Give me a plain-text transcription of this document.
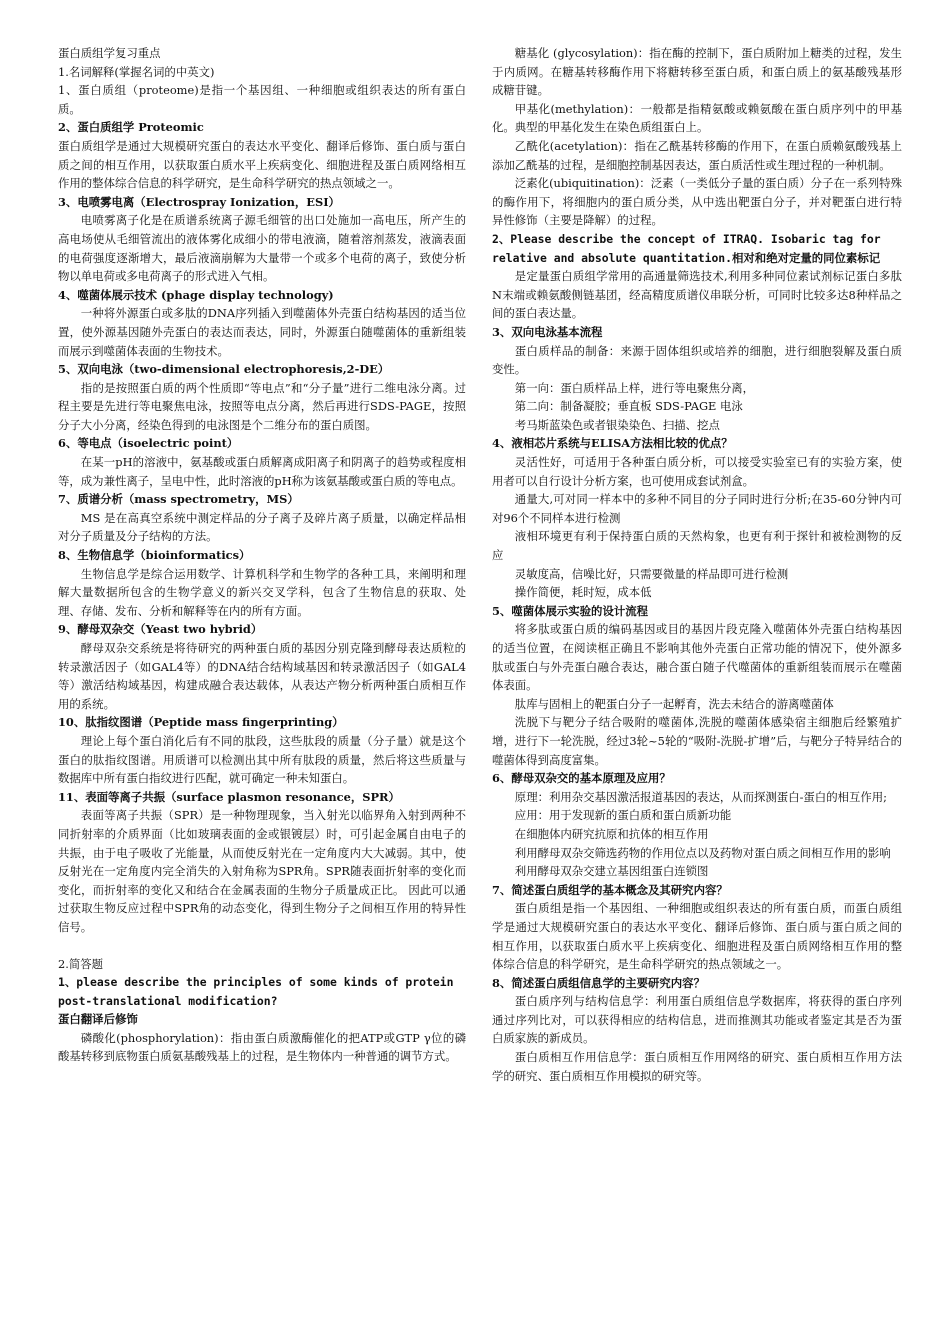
蛋白质组学复习重点

1.名词解释(掌握名词的中英文)

1、蛋白质组（proteome)是指一个基因组、一种细胞或组织表达的所有蛋白质。

2、蛋白质组学 Proteomic

蛋白质组学是通过大规模研究蛋白的表达水平变化、翻译后修饰、蛋白质与蛋白质之间的相互作用，以获取蛋白质水平上疾病变化、细胞进程及蛋白质网络相互作用的整体综合信息的科学研究，是生命科学研究的热点领域之一。

3、电喷雾电离（Electrospray Ionization，ESI）

电喷雾离子化是在质谱系统离子源毛细管的出口处施加一高电压，所产生的高电场使从毛细管流出的液体雾化成细小的带电液滴，随着溶剂蒸发，液滴表面的电荷强度逐渐增大，最后液滴崩解为大量带一个或多个电荷的离子，致使分析物以单电荷或多电荷离子的形式进入气相。

4、噬菌体展示技术 (phage display technology)

一种将外源蛋白或多肽的DNA序列插入到噬菌体外壳蛋白结构基因的适当位置，使外源基因随外壳蛋白的表达而表达，同时，外源蛋白随噬菌体的重新组装而展示到噬菌体表面的生物技术。

5、双向电泳（two-dimensional electrophoresis,2-DE）

指的是按照蛋白质的两个性质即“等电点”和“分子量”进行二维电泳分离。过程主要是先进行等电聚焦电泳，按照等电点分离，然后再进行SDS-PAGE，按照分子大小分离，经染色得到的电泳图是个二维分布的蛋白质图。

6、等电点（isoelectric point）

在某一pH的溶液中，氨基酸或蛋白质解离成阳离子和阴离子的趋势或程度相等，成为兼性离子，呈电中性，此时溶液的pH称为该氨基酸或蛋白质的等电点。

7、质谱分析（mass spectrometry，MS）

MS 是在高真空系统中测定样品的分子离子及碎片离子质量，以确定样品相对分子质量及分子结构的方法。

8、生物信息学（bioinformatics）

生物信息学是综合运用数学、计算机科学和生物学的各种工具，来阐明和理解大量数据所包含的生物学意义的新兴交叉学科，包含了生物信息的获取、处理、存储、发布、分析和解释等在内的所有方面。

9、酵母双杂交（Yeast two hybrid）

酵母双杂交系统是将待研究的两种蛋白质的基因分别克隆到酵母表达质粒的转录激活因子（如GAL4等）的DNA结合结构域基因和转录激活因子（如GAL4等）激活结构域基因，构建成融合表达载体，从表达产物分析两种蛋白质相互作用的系统。

10、肽指纹图谱（Peptide mass fingerprinting）

理论上每个蛋白消化后有不同的肽段，这些肽段的质量（分子量）就是这个蛋白的肽指纹图谱。用质谱可以检测出其中所有肽段的质量，然后将这些质量与数据库中所有蛋白指纹进行匹配，就可确定一种未知蛋白。

11、表面等离子共振（surface plasmon resonance，SPR）

表面等离子共振（SPR）是一种物理现象，当入射光以临界角入射到两种不同折射率的介质界面（比如玻璃表面的金或银镀层）时，可引起金属自由电子的共振，由于电子吸收了光能量，从而使反射光在一定角度内大大减弱。其中，使反射光在一定角度内完全消失的入射角称为SPR角。SPR随表面折射率的变化而变化，而折射率的变化又和结合在金属表面的生物分子质量成正比。 因此可以通过获取生物反应过程中SPR角的动态变化，得到生物分子之间相互作用的特异性信号。

2.简答题

1、please describe the principles of some kinds of protein post-translational modification?

蛋白翻译后修饰

磷酸化(phosphorylation)：指由蛋白质激酶催化的把ATP或GTP γ位的磷酸基转移到底物蛋白质氨基酸残基上的过程，是生物体内一种普通的调节方式。

糖基化 (glycosylation)：指在酶的控制下，蛋白质附加上糖类的过程，发生于内质网。在糖基转移酶作用下将糖转移至蛋白质，和蛋白质上的氨基酸残基形成糖苷键。

甲基化(methylation)：一般都是指精氨酸或赖氨酸在蛋白质序列中的甲基化。典型的甲基化发生在染色质组蛋白上。

乙酰化(acetylation)：指在乙酰基转移酶的作用下，在蛋白质赖氨酸残基上添加乙酰基的过程，是细胞控制基因表达，蛋白质活性或生理过程的一种机制。

泛素化(ubiquitination)：泛素（一类低分子量的蛋白质）分子在一系列特殊的酶作用下，将细胞内的蛋白质分类，从中选出靶蛋白分子，并对靶蛋白进行特异性修饰（主要是降解）的过程。

2、Please describe the concept of ITRAQ. Isobaric tag for relative and absolute quantitation.相对和绝对定量的同位素标记

是定量蛋白质组学常用的高通量筛选技术,利用多种同位素试剂标记蛋白多肽N末端或赖氨酸侧链基团，经高精度质谱仪串联分析，可同时比较多达8种样品之间的蛋白表达量。

3、双向电泳基本流程

蛋白质样品的制备：来源于固体组织或培养的细胞，进行细胞裂解及蛋白质变性。

第一向：蛋白质样品上样，进行等电聚焦分离，

第二向：制备凝胶；垂直板 SDS-PAGE 电泳

考马斯蓝染色或者银染染色、扫描、挖点

4、液相芯片系统与ELISA方法相比较的优点？

灵活性好，可适用于各种蛋白质分析，可以接受实验室已有的实验方案，使用者可以自行设计分析方案，也可使用成套试剂盒。

通量大,可对同一样本中的多种不同目的分子同时进行分析;在35-60分钟内可对96个不同样本进行检测

液相环境更有利于保持蛋白质的天然构象，也更有利于探针和被检测物的反应

灵敏度高，信噪比好，只需要微量的样品即可进行检测

操作简便，耗时短，成本低

5、噬菌体展示实验的设计流程

将多肽或蛋白质的编码基因或目的基因片段克隆入噬菌体外壳蛋白结构基因的适当位置，在阅读框正确且不影响其他外壳蛋白正常功能的情况下，使外源多肽或蛋白与外壳蛋白融合表达，融合蛋白随子代噬菌体的重新组装而展示在噬菌体表面。

肽库与固相上的靶蛋白分子一起孵育，洗去未结合的游离噬菌体

洗脱下与靶分子结合吸附的噬菌体,洗脱的噬菌体感染宿主细胞后经繁殖扩增，进行下一轮洗脱，经过3轮~5轮的“吸附-洗脱-扩增”后，与靶分子特异结合的噬菌体得到高度富集。

6、酵母双杂交的基本原理及应用？

原理：利用杂交基因激活报道基因的表达，从而探测蛋白-蛋白的相互作用;

应用：用于发现新的蛋白质和蛋白质新功能

在细胞体内研究抗原和抗体的相互作用

利用酵母双杂交筛选药物的作用位点以及药物对蛋白质之间相互作用的影响

利用酵母双杂交建立基因组蛋白连锁图

7、简述蛋白质组学的基本概念及其研究内容？

蛋白质组是指一个基因组、一种细胞或组织表达的所有蛋白质，而蛋白质组学是通过大规模研究蛋白的表达水平变化、翻译后修饰、蛋白质与蛋白质之间的相互作用，以获取蛋白质水平上疾病变化、细胞进程及蛋白质网络相互作用的整体综合信息的科学研究，是生命科学研究的热点领域之一。

8、简述蛋白质组信息学的主要研究内容？

蛋白质序列与结构信息学：利用蛋白质组信息学数据库，将获得的蛋白序列通过序列比对，可以获得相应的结构信息，进而推测其功能或者鉴定其是否为蛋白质家族的新成员。

蛋白质相互作用信息学：蛋白质相互作用网络的研究、蛋白质相互作用方法学的研究、蛋白质相互作用模拟的研究等。
